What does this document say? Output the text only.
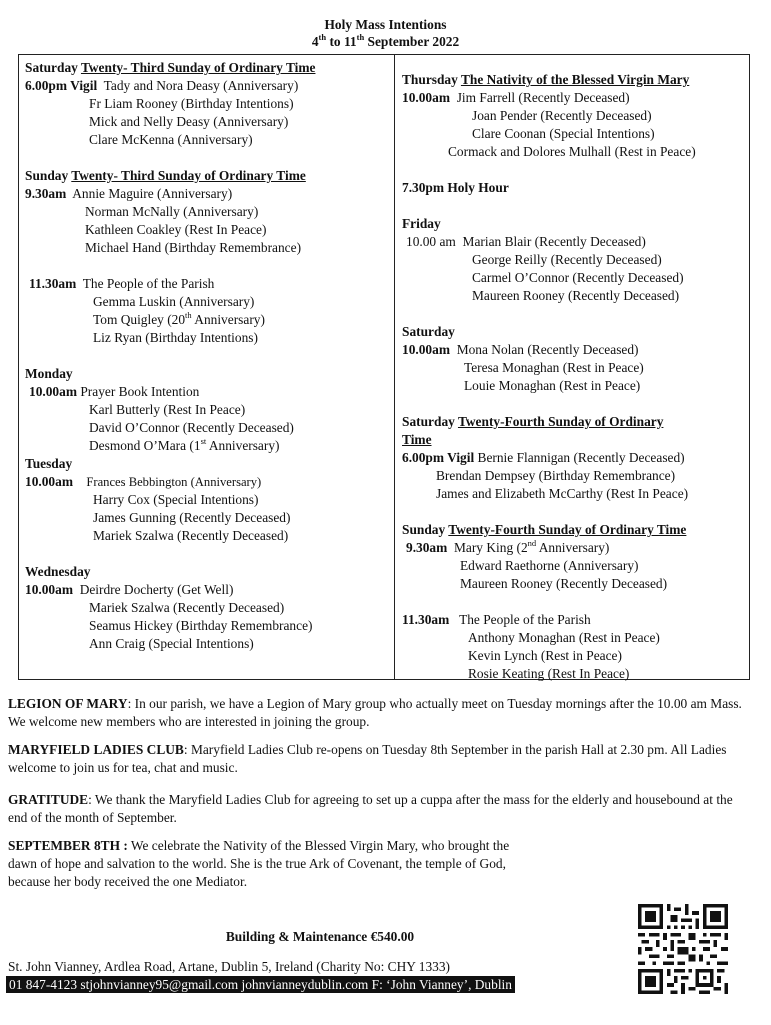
Holy Mass Intentions
4th to 11th September 2022
Saturday Twenty- Third Sunday of Ordinary Time
6.00pm Vigil Tady and Nora Deasy (Anniversary)
Fr Liam Rooney (Birthday Intentions)
Mick and Nelly Deasy (Anniversary)
Clare McKenna (Anniversary)
Sunday Twenty- Third Sunday of Ordinary Time
9.30am Annie Maguire (Anniversary)
Norman McNally (Anniversary)
Kathleen Coakley (Rest In Peace)
Michael Hand (Birthday Remembrance)
11.30am The People of the Parish
Gemma Luskin (Anniversary)
Tom Quigley (20th Anniversary)
Liz Ryan (Birthday Intentions)
Monday
10.00am Prayer Book Intention
Karl Butterly (Rest In Peace)
David O’Connor (Recently Deceased)
Desmond O’Mara (1st Anniversary)
Tuesday
10.00am Frances Bebbington (Anniversary)
Harry Cox (Special Intentions)
James Gunning (Recently Deceased)
Mariek Szalwa (Recently Deceased)
Wednesday
10.00am Deirdre Docherty (Get Well)
Mariek Szalwa (Recently Deceased)
Seamus Hickey (Birthday Remembrance)
Ann Craig (Special Intentions)
Thursday The Nativity of the Blessed Virgin Mary
10.00am Jim Farrell (Recently Deceased)
Joan Pender (Recently Deceased)
Clare Coonan (Special Intentions)
Cormack and Dolores Mulhall (Rest in Peace)
7.30pm Holy Hour
Friday
10.00 am Marian Blair (Recently Deceased)
George Reilly (Recently Deceased)
Carmel O’Connor (Recently Deceased)
Maureen Rooney (Recently Deceased)
Saturday
10.00am Mona Nolan (Recently Deceased)
Teresa Monaghan (Rest in Peace)
Louie Monaghan (Rest in Peace)
Saturday Twenty-Fourth Sunday of Ordinary
Time
6.00pm Vigil Bernie Flannigan (Recently Deceased)
Brendan Dempsey (Birthday Remembrance)
James and Elizabeth McCarthy (Rest In Peace)
Sunday Twenty-Fourth Sunday of Ordinary Time
9.30am Mary King (2nd Anniversary)
Edward Raethorne (Anniversary)
Maureen Rooney (Recently Deceased)
11.30am The People of the Parish
Anthony Monaghan (Rest in Peace)
Kevin Lynch (Rest in Peace)
Rosie Keating (Rest In Peace)
LEGION OF MARY: In our parish, we have a Legion of Mary group who actually meet on Tuesday mornings after the 10.00 am Mass. We welcome new members who are interested in joining the group.
MARYFIELD LADIES CLUB: Maryfield Ladies Club re-opens on Tuesday 8th September in the parish Hall at 2.30 pm. All Ladies welcome to join us for tea, chat and music.
GRATITUDE: We thank the Maryfield Ladies Club for agreeing to set up a cuppa after the mass for the elderly and housebound at the end of the month of September.
SEPTEMBER 8TH : We celebrate the Nativity of the Blessed Virgin Mary, who brought the
dawn of hope and salvation to the world. She is the true Ark of Covenant, the temple of God,
because her body received the one Mediator.
Building & Maintenance €540.00
St. John Vianney, Ardlea Road, Artane, Dublin 5, Ireland (Charity No: CHY 1333)
01 847-4123 stjohnvianney95@gmail.com johnvianneydublin.com F: ‘John Vianney’, Dublin
